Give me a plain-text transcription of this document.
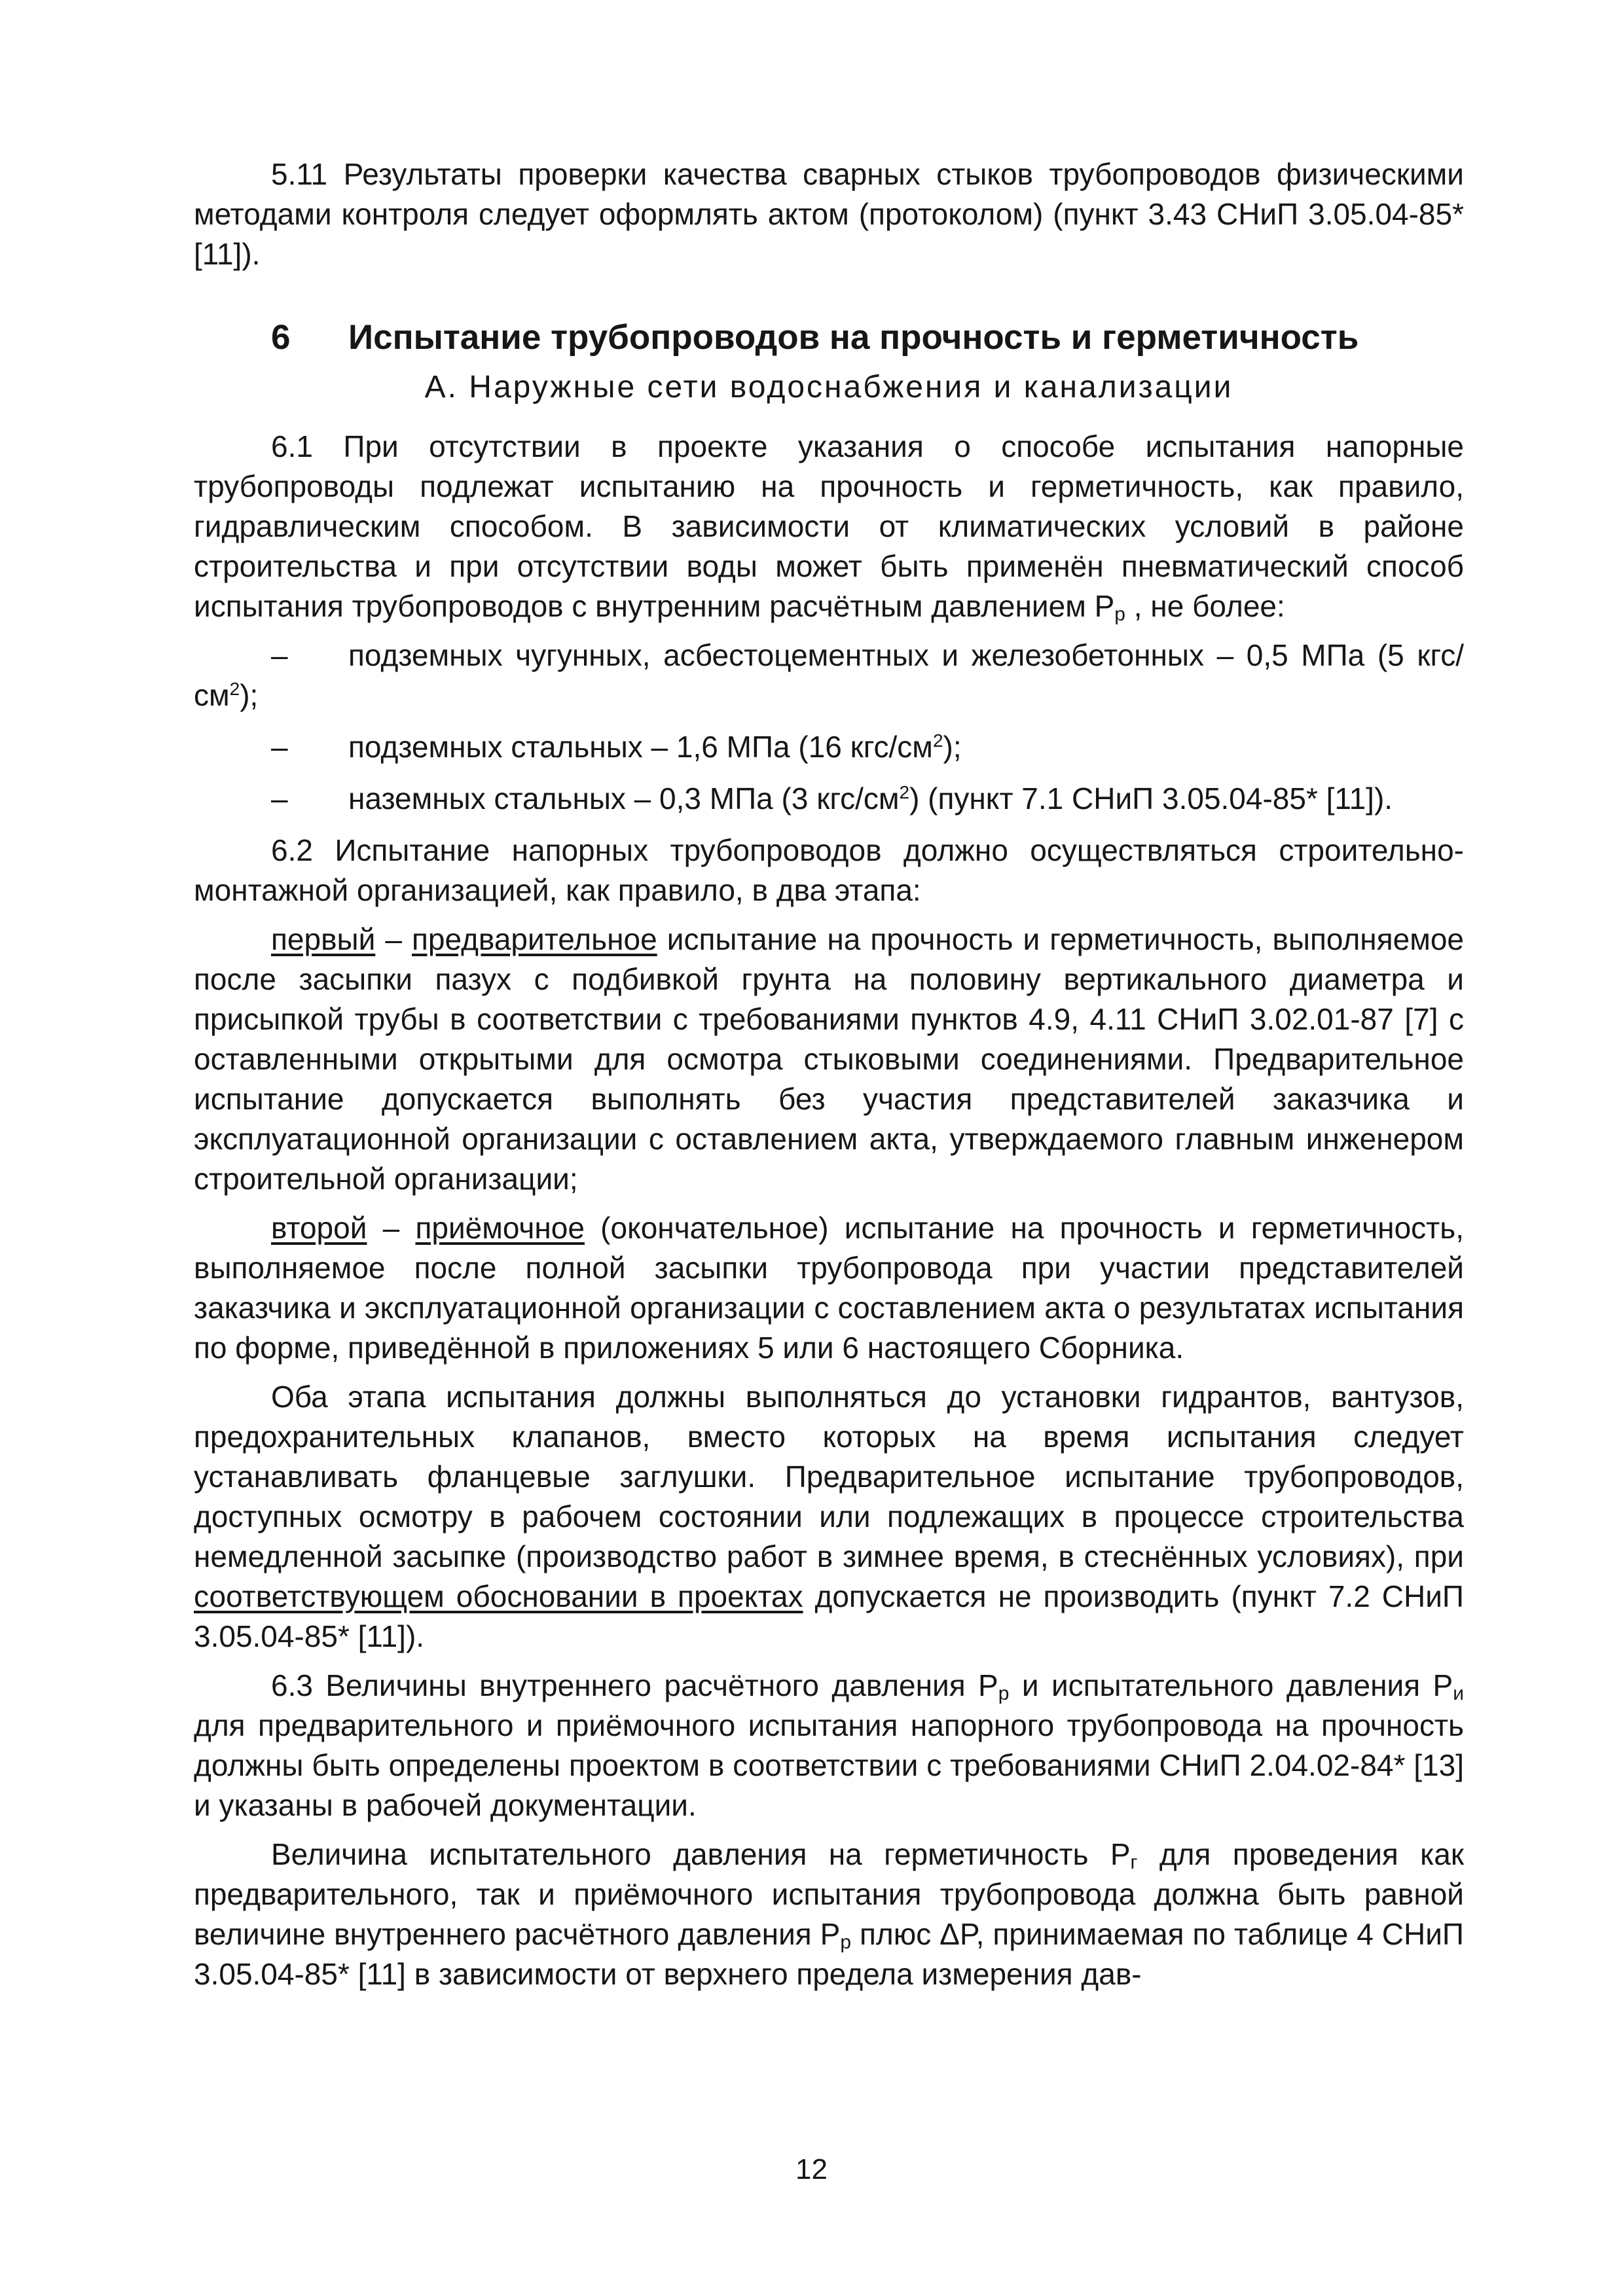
5.11 Результаты проверки качества сварных стыков трубопроводов физическими методами контроля следует оформлять актом (протоколом) (пункт 3.43 СНиП 3.05.04-85* [11]).

6	Испытание трубопроводов на прочность и герметичность

А. Наружные сети водоснабжения и канализации

6.1 При отсутствии в проекте указания о способе испытания напорные трубопроводы подлежат испытанию на прочность и герметичность, как правило, гидравлическим способом. В зависимости от климатических условий в районе строительства и при отсутствии воды может быть применён пневматический способ испытания трубопроводов с внутренним расчётным давлением $P_p$ , не более:

– подземных чугунных, асбестоцементных и железобетонных – 0,5 МПа (5 кгс/$см^2$);

– подземных стальных – 1,6 МПа (16 кгс/$см^2$);

– наземных стальных – 0,3 МПа (3 кгс/$см^2$) (пункт 7.1 СНиП 3.05.04-85* [11]).

6.2 Испытание напорных трубопроводов должно осуществляться строительно-монтажной организацией, как правило, в два этапа:

первый – предварительное испытание на прочность и герметичность, выполняемое после засыпки пазух с подбивкой грунта на половину вертикального диаметра и присыпкой трубы в соответствии с требованиями пунктов 4.9, 4.11 СНиП 3.02.01-87 [7] с оставленными открытыми для осмотра стыковыми соединениями. Предварительное испытание допускается выполнять без участия представителей заказчика и эксплуатационной организации с оставлением акта, утверждаемого главным инженером строительной организации;

второй – приёмочное (окончательное) испытание на прочность и герметичность, выполняемое после полной засыпки трубопровода при участии представителей заказчика и эксплуатационной организации с составлением акта о результатах испытания по форме, приведённой в приложениях 5 или 6 настоящего Сборника.

Оба этапа испытания должны выполняться до установки гидрантов, вантузов, предохранительных клапанов, вместо которых на время испытания следует устанавливать фланцевые заглушки. Предварительное испытание трубопроводов, доступных осмотру в рабочем состоянии или подлежащих в процессе строительства немедленной засыпке (производство работ в зимнее время, в стеснённых условиях), при соответствующем обосновании в проектах допускается не производить (пункт 7.2 СНиП 3.05.04-85* [11]).

6.3 Величины внутреннего расчётного давления $P_p$ и испытательного давления $P_и$ для предварительного и приёмочного испытания напорного трубопровода на прочность должны быть определены проектом в соответствии с требованиями СНиП 2.04.02-84* [13] и указаны в рабочей документации.

Величина испытательного давления на герметичность $P_г$ для проведения как предварительного, так и приёмочного испытания трубопровода должна быть равной величине внутреннего расчётного давления $P_p$ плюс ΔP, принимаемая по таблице 4 СНиП 3.05.04-85* [11] в зависимости от верхнего предела измерения дав-

12
